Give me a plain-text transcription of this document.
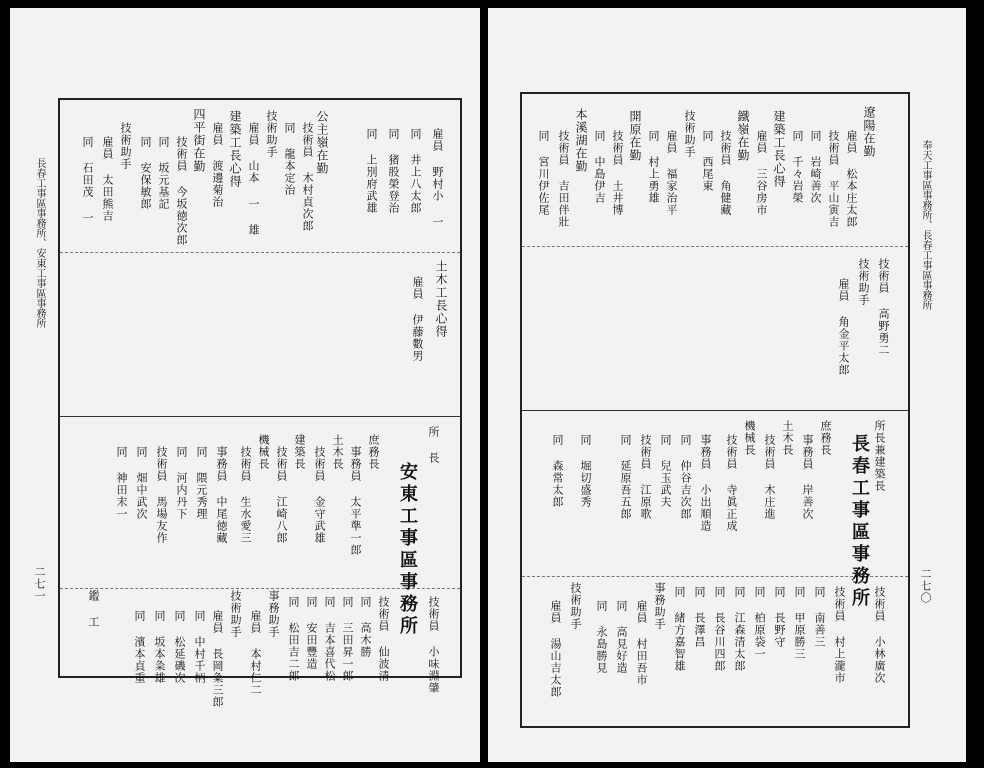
長春工事區事務所、安東工事區事務所
二七一
公主嶺在勤
技術員 木村貞次郎
同 龍本定治
技術助手
雇員 山本 一 雄
建築工長心得
雇員 渡邊菊治
四平街在勤
技術員 今坂徳次郎
同 坂元基記
同 安保敏郎
技術助手
雇員 太田熊吉
同 石田茂 一	雇員 野村小 一
同 井上八太郎
同 猪股榮登治
同 上別府武雄
土木工長心得
雇員 伊藤數男
安東工事區事務所
所 長
庶務長
事務員 太平準一郎
土木長
技術員 金守武雄
建築長
技術員 江崎八郎
機械長
技術員 生水愛三
事務員 中尾徳藏
同 隈元秀理
同 河内丹下
技術員 馬場友作
同 畑中武次
同 神田末一
技術員 小味淵肇
技術員 仙波清
同 高木勝
同 三田昇一郎
同 吉本喜代松
同 安田豐造
同 松田吉二郎
事務助手
雇員 本村仁二
技術助手
雇員 長岡粂三郎
同 中村千柄
同 松延磯次
同 坂本粂雄
同 濱本貞重
鑑 工
奉天工事區事務所、長春工事區事務所
二七〇
遼陽在勤
雇員 松本庄太郎
技術員 平山寅吉
同 岩崎善次
同 千々岩榮
建築工長心得
雇員 三谷房市
鐵嶺在勤
技術員 角健藏
同 西尾東
技術助手
雇員 福家治平
同 村上勇雄
開原在勤
技術員 土井博
同 中島伊吉
本溪湖在勤
技術員 吉田伴壯
同 宮川伊佐尾
技術員 高野勇二
技術助手
雇員 角金平太郎
長春工事區事務所 所長兼建築長
庶務長
事務員 岸善次
土木長
技術員 木庄進
機械長
技術員 寺眞正成
事務員 小出順造
同 仲谷吉次郎
同 兒玉武夫
技術員 江原歌
同 延原吾五郎
同 堀切盛秀
同 森常太郎
技術員 小林廣次
技術員 村上瀧市
同 南善三
同 甲原勝三
同 長野守
同 柏原袋一
同 江森清太郎
同 長谷川四郎
同 長澤昌
同 緒方嘉智雄
事務助手
雇員 村田吾市
同 高見好造
同 永島勝見
技術助手
雇員 湯山吉太郎
